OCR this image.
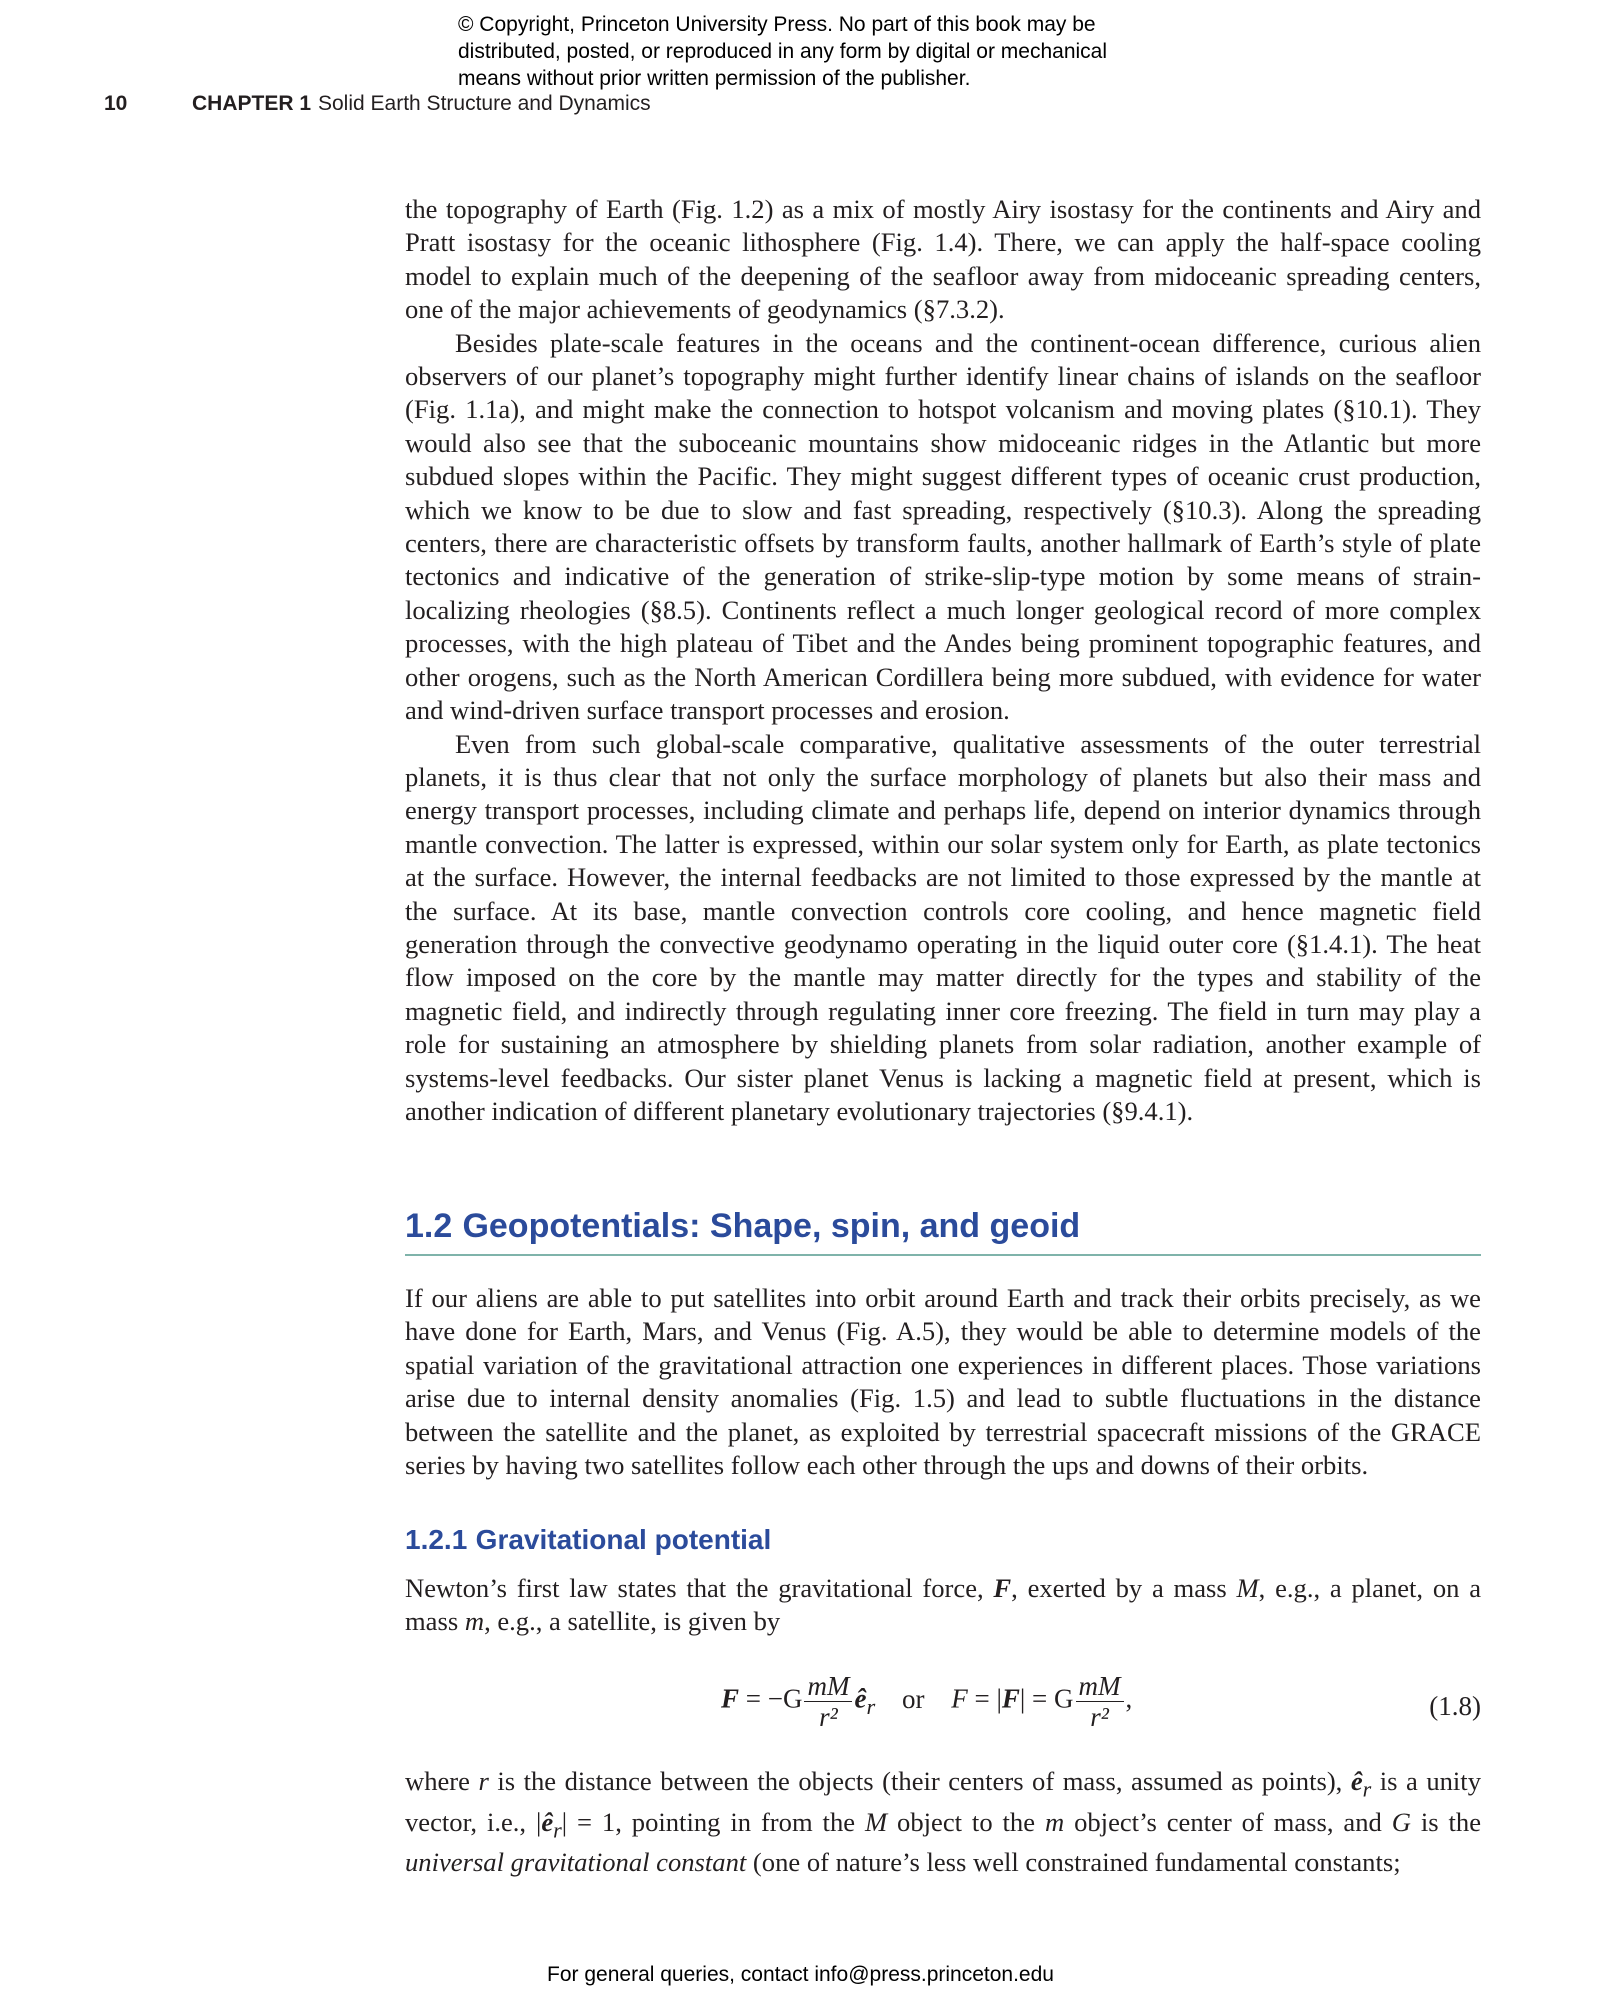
© Copyright, Princeton University Press. No part of this book may be
distributed, posted, or reproduced in any form by digital or mechanical
means without prior written permission of the publisher.
10	CHAPTER 1 Solid Earth Structure and Dynamics

the topography of Earth (Fig. 1.2) as a mix of mostly Airy isostasy for the continents and Airy and Pratt isostasy for the oceanic lithosphere (Fig. 1.4). There, we can apply the half-space cooling model to explain much of the deepening of the seafloor away from midoceanic spreading centers, one of the major achievements of geodynamics (§7.3.2).

Besides plate-scale features in the oceans and the continent-ocean difference, curious alien observers of our planet’s topography might further identify linear chains of islands on the seafloor (Fig. 1.1a), and might make the connection to hotspot volcanism and moving plates (§10.1). They would also see that the suboceanic mountains show midoceanic ridges in the Atlantic but more subdued slopes within the Pacific. They might suggest different types of oceanic crust production, which we know to be due to slow and fast spreading, respectively (§10.3). Along the spreading centers, there are characteristic offsets by transform faults, another hallmark of Earth’s style of plate tectonics and indicative of the generation of strike-slip-type motion by some means of strain-localizing rheologies (§8.5). Continents reflect a much longer geological record of more complex processes, with the high plateau of Tibet and the Andes being prominent topographic features, and other orogens, such as the North American Cordillera being more subdued, with evidence for water and wind-driven surface transport processes and erosion.

Even from such global-scale comparative, qualitative assessments of the outer terrestrial planets, it is thus clear that not only the surface morphology of planets but also their mass and energy transport processes, including climate and perhaps life, depend on interior dynamics through mantle convection. The latter is expressed, within our solar system only for Earth, as plate tectonics at the surface. However, the internal feedbacks are not limited to those expressed by the mantle at the surface. At its base, mantle convection controls core cooling, and hence magnetic field generation through the convective geodynamo operating in the liquid outer core (§1.4.1). The heat flow imposed on the core by the mantle may matter directly for the types and stability of the magnetic field, and indirectly through regulating inner core freezing. The field in turn may play a role for sustaining an atmosphere by shielding planets from solar radiation, another example of systems-level feedbacks. Our sister planet Venus is lacking a magnetic field at present, which is another indication of different planetary evolutionary trajectories (§9.4.1).

1.2 Geopotentials: Shape, spin, and geoid

If our aliens are able to put satellites into orbit around Earth and track their orbits precisely, as we have done for Earth, Mars, and Venus (Fig. A.5), they would be able to determine models of the spatial variation of the gravitational attraction one experiences in different places. Those variations arise due to internal density anomalies (Fig. 1.5) and lead to subtle fluctuations in the distance between the satellite and the planet, as exploited by terrestrial spacecraft missions of the GRACE series by having two satellites follow each other through the ups and downs of their orbits.

1.2.1 Gravitational potential

Newton’s first law states that the gravitational force, F, exerted by a mass M, e.g., a planet, on a mass m, e.g., a satellite, is given by

$F = -G \frac{mM}{\text{r²}}$ $ê_r$ or F = |F| = G $\frac{mM}{\text{r²}}$ ,	(1.8)

where r is the distance between the objects (their centers of mass, assumed as points), $ê_r$ is a unity vector, i.e., $|ê_r| = 1$, pointing in from the M object to the m object’s center of mass, and G is the universal gravitational constant (one of nature’s less well constrained fundamental constants;

For general queries, contact info@press.princeton.edu
